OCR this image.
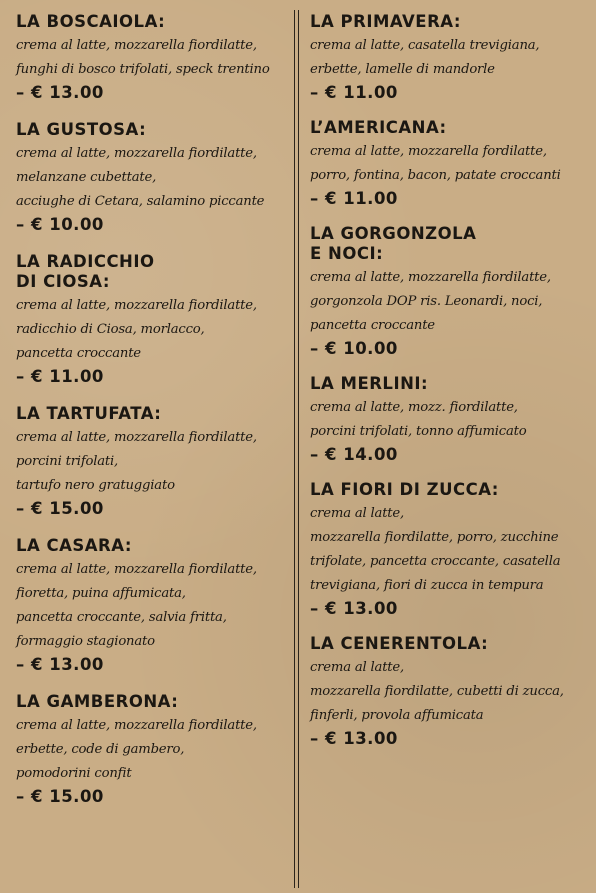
LA BOSCAIOLA:
crema al latte, mozzarella fiordilatte,
funghi di bosco trifolati, speck trentino
– € 13.00
LA GUSTOSA:
crema al latte, mozzarella fiordilatte,
melanzane cubettate,
acciughe di Cetara, salamino piccante
– € 10.00
LA RADICCHIO
DI CIOSA:
crema al latte, mozzarella fiordilatte,
radicchio di Ciosa, morlacco,
pancetta croccante
– € 11.00
LA TARTUFATA:
crema al latte, mozzarella fiordilatte,
porcini trifolati,
tartufo nero gratuggiato
– € 15.00
LA CASARA:
crema al latte, mozzarella fiordilatte,
fioretta, puina affumicata,
pancetta croccante, salvia fritta,
formaggio stagionato
– € 13.00
LA GAMBERONA:
crema al latte, mozzarella fiordilatte,
erbette, code di gambero,
pomodorini confit
– € 15.00
LA PRIMAVERA:
crema al latte, casatella trevigiana,
erbette, lamelle di mandorle
– € 11.00
L’AMERICANA:
crema al latte, mozzarella fordilatte,
porro, fontina, bacon, patate croccanti
– € 11.00
LA GORGONZOLA
E NOCI:
crema al latte, mozzarella fiordilatte,
gorgonzola DOP ris. Leonardi, noci,
pancetta croccante
– € 10.00
LA MERLINI:
crema al latte, mozz. fiordilatte,
porcini trifolati, tonno affumicato
– € 14.00
LA FIORI DI ZUCCA:
crema al latte,
mozzarella fiordilatte, porro, zucchine
trifolate, pancetta croccante, casatella
trevigiana, fiori di zucca in tempura
– € 13.00
LA CENERENTOLA:
crema al latte,
mozzarella fiordilatte, cubetti di zucca,
finferli, provola affumicata
– € 13.00
